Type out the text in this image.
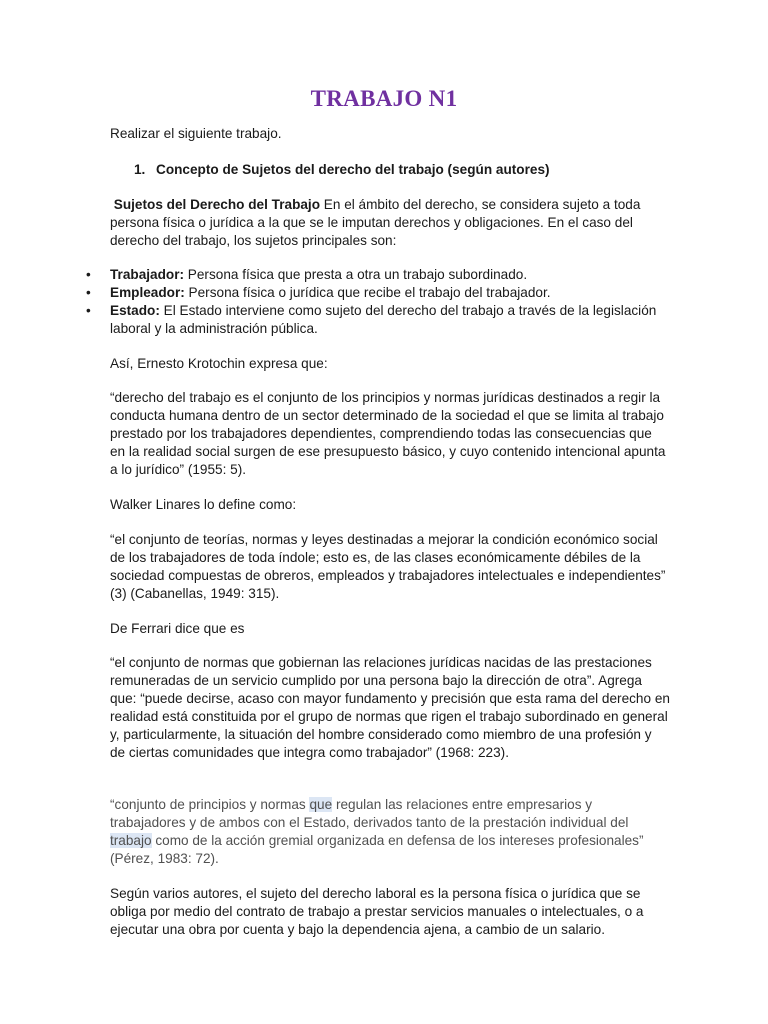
TRABAJO N1
Realizar el siguiente trabajo.
1. Concepto de Sujetos del derecho del trabajo (según autores)
Sujetos del Derecho del Trabajo En el ámbito del derecho, se considera sujeto a toda persona física o jurídica a la que se le imputan derechos y obligaciones. En el caso del derecho del trabajo, los sujetos principales son:
•	Trabajador: Persona física que presta a otra un trabajo subordinado.
•	Empleador: Persona física o jurídica que recibe el trabajo del trabajador.
•	Estado: El Estado interviene como sujeto del derecho del trabajo a través de la legislación laboral y la administración pública.
Así, Ernesto Krotochin expresa que:
“derecho del trabajo es el conjunto de los principios y normas jurídicas destinados a regir la conducta humana dentro de un sector determinado de la sociedad el que se limita al trabajo prestado por los trabajadores dependientes, comprendiendo todas las consecuencias que en la realidad social surgen de ese presupuesto básico, y cuyo contenido intencional apunta a lo jurídico” (1955: 5).
Walker Linares lo define como:
“el conjunto de teorías, normas y leyes destinadas a mejorar la condición económico social de los trabajadores de toda índole; esto es, de las clases económicamente débiles de la sociedad compuestas de obreros, empleados y trabajadores intelectuales e independientes” (3) (Cabanellas, 1949: 315).
De Ferrari dice que es
“el conjunto de normas que gobiernan las relaciones jurídicas nacidas de las prestaciones remuneradas de un servicio cumplido por una persona bajo la dirección de otra”. Agrega que: “puede decirse, acaso con mayor fundamento y precisión que esta rama del derecho en realidad está constituida por el grupo de normas que rigen el trabajo subordinado en general y, particularmente, la situación del hombre considerado como miembro de una profesión y de ciertas comunidades que integra como trabajador” (1968: 223).
“conjunto de principios y normas que regulan las relaciones entre empresarios y trabajadores y de ambos con el Estado, derivados tanto de la prestación individual del trabajo como de la acción gremial organizada en defensa de los intereses profesionales” (Pérez, 1983: 72).
Según varios autores, el sujeto del derecho laboral es la persona física o jurídica que se obliga por medio del contrato de trabajo a prestar servicios manuales o intelectuales, o a ejecutar una obra por cuenta y bajo la dependencia ajena, a cambio de un salario.
